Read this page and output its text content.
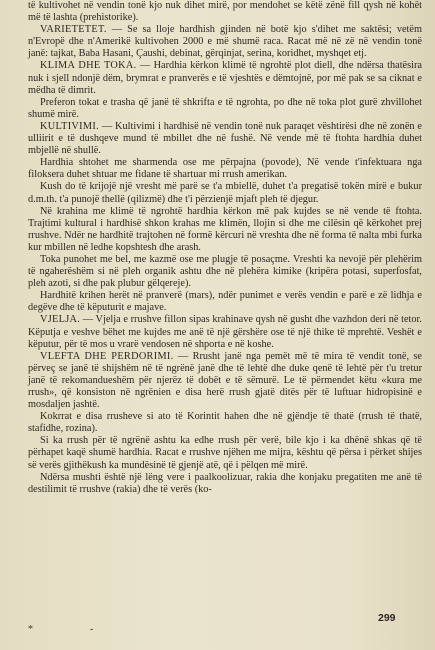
të kultivohet në vendin tonë kjo nuk dihet mirë, por mendohet se këtë zënë fill qysh në kohët më të lashta (prehistorike).

VARIETETET. — Se sa lloje hardhish gjinden në botë kjo s'dihet me saktësi; vetëm n'Evropë dhe n'Amerikë kultivohen 2000 e më shumë raca. Racat më në zë në vendin tonë janë: tajkat, Baba Hasani, Çaushi, debinat, gërqinjat, serina, koridhet, myshqet etj.

KLIMA DHE TOKA. — Hardhia kërkon klimë të ngrohtë plot diell, dhe ndërsa thatësira nuk i sjell ndonjë dëm, brymrat e pranverës e të vjeshtës e dëmtojnë, por më pak se sa ciknat e mëdha të dimrit.

Preferon tokat e trasha që janë të shkrifta e të ngrohta, po dhe në toka plot gurë zhvillohet shumë mirë.

KULTIVIMI. — Kultivimi i hardhisë në vendin tonë nuk paraqet vështirësi dhe në zonën e ulliirit e të dushqeve mund të mbillet dhe në fushë. Në vende më të ftohta hardhia duhet mbjellë në shullë.

Hardhia shtohet me sharmenda ose me përpajna (povode), Në vende t'infektuara nga filoksera duhet shtuar me fidane të shartuar mi rrush amerikan.

Kush do të krijojë një vresht më parë se t'a mbiellë, duhet t'a pregatisë tokën mirë e bukur d.m.th. t'a punojë thellë (qilizmë) dhe t'i përzienjë mjaft pleh të djegur.

Në krahina me klimë të ngrohtë hardhia kërkon më pak kujdes se në vende të ftohta. Trajtimi kultural i hardhisë shkon krahas me klimën, llojin si dhe me cilësin që kërkohet prej rrushve. Ndër ne hardhitë trajtohen në formë kërcuri në vreshta dhe në forma të nalta mbi furka kur mbillen në ledhe kopshtesh dhe arash.

Toka punohet me bel, me kazmë ose me plugje të posaçme. Vreshti ka nevojë për plehërim të ngaherëshëm si në pleh organik ashtu dhe në plehëra kimike (kripëra potasi, superfosfat, pleh azoti, si dhe pak plubur gëlqereje).

Hardhitë krihen herët në pranverë (mars), ndër punimet e verës vendin e parë e zë lidhja e degëve dhe të këputurit e majave.

VJELJA. — Vjelja e rrushve fillon sipas krahinave qysh në gusht dhe vazhdon deri në tetor. Këputja e veshve bëhet me kujdes me anë të një gërshëre ose të një thike të mprehtë. Veshët e këputur, për të mos u vrarë vendosen në shporta e në koshe.

VLEFTA DHE PERDORIMI. — Rrusht janë nga pemët më të mira të vendit tonë, se përveç se janë të shijshëm në të ngrënë janë dhe të lehtë dhe duke qenë të lehtë për t'u tretur janë të rekomandueshëm për njerëz të dobët e të sëmurë. Le të përmendet këtu «kura me rrush», që konsiston në ngrënien e disa herë rrush gjatë ditës për të luftuar hidropisinë e mosdaljen jashtë.

Kokrrat e disa rrusheve si ato të Korintit hahen dhe në gjëndje të thatë (rrush të thatë, stafidhe, rozina).

Si ka rrush për të ngrënë ashtu ka edhe rrush për verë, bile kjo i ka dhënë shkas që të përhapet kaqë shumë hardhia. Racat e rrushve njëhen me mijra, kështu që përsa i përket shijes së verës gjithëkush ka mundësinë të gjenjë atë, që i pëlqen më mirë.

Ndërsa mushti është një lëng vere i paalkoolizuar, rakia dhe konjaku pregatiten me anë të destilimit të rrushve (rakia) dhe të verës (ko-

*	-
299
